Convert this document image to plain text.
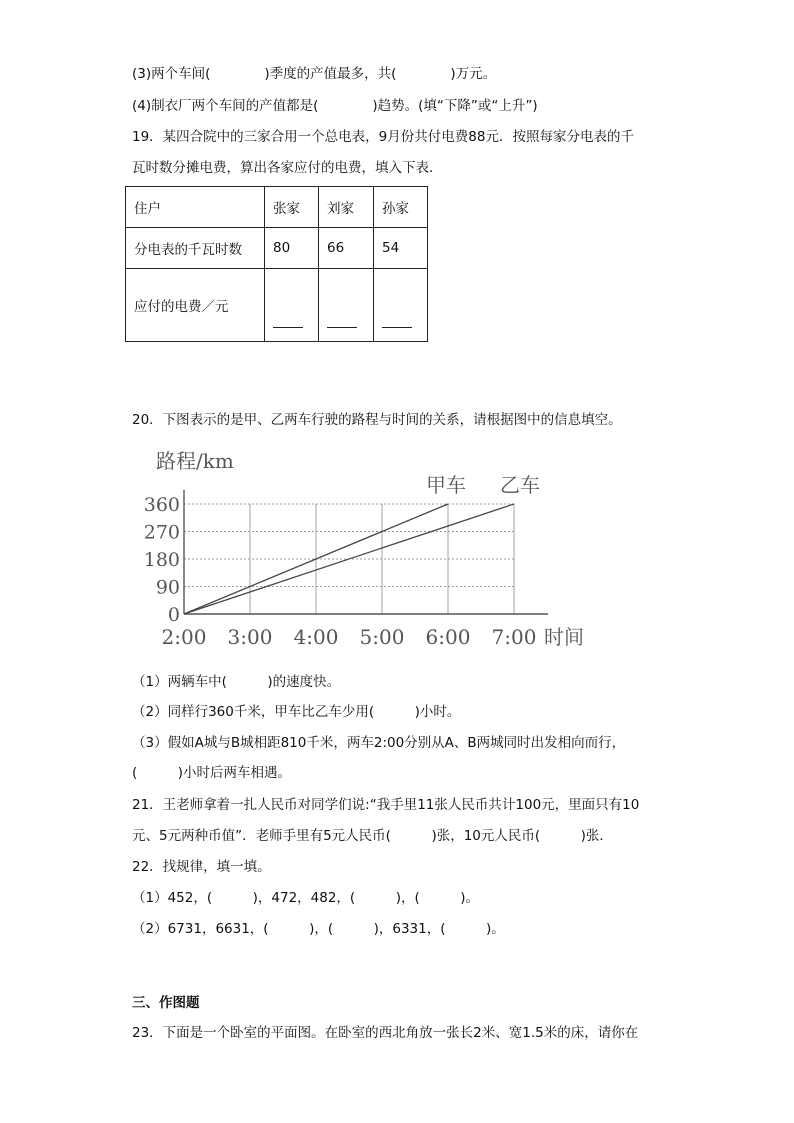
(3)两个车间(　　　　)季度的产值最多，共(　　　　)万元。
(4)制衣厂两个车间的产值都是(　　　　)趋势。(填“下降”或“上升”)
19．某四合院中的三家合用一个总电表，9月份共付电费88元．按照每家分电表的千
瓦时数分摊电费，算出各家应付的电费，填入下表．
住户	张家	刘家	孙家
分电表的千瓦时数	80	66	54
应付的电费／元			
20．下图表示的是甲、乙两车行驶的路程与时间的关系，请根据图中的信息填空。
0
90
180
270
360
2:00 3:00 4:00 5:00 6:00 7:00
路程/km
时间
甲车 乙车
（1）两辆车中(　　　)的速度快。
（2）同样行360千米，甲车比乙车少用(　　　)小时。
（3）假如A城与B城相距810千米，两车2:00分别从A、B两城同时出发相向而行，
(　　　)小时后两车相遇。
21．王老师拿着一扎人民币对同学们说:“我手里11张人民币共计100元，里面只有10
元、5元两种币值”．老师手里有5元人民币(　　　)张，10元人民币(　　　)张．
22．找规律，填一填。
（1）452，(　　　)，472，482，(　　　)，(　　　)。
（2）6731，6631，(　　　)，(　　　)，6331，(　　　)。
三、作图题
23．下面是一个卧室的平面图。在卧室的西北角放一张长2米、宽1.5米的床，请你在
